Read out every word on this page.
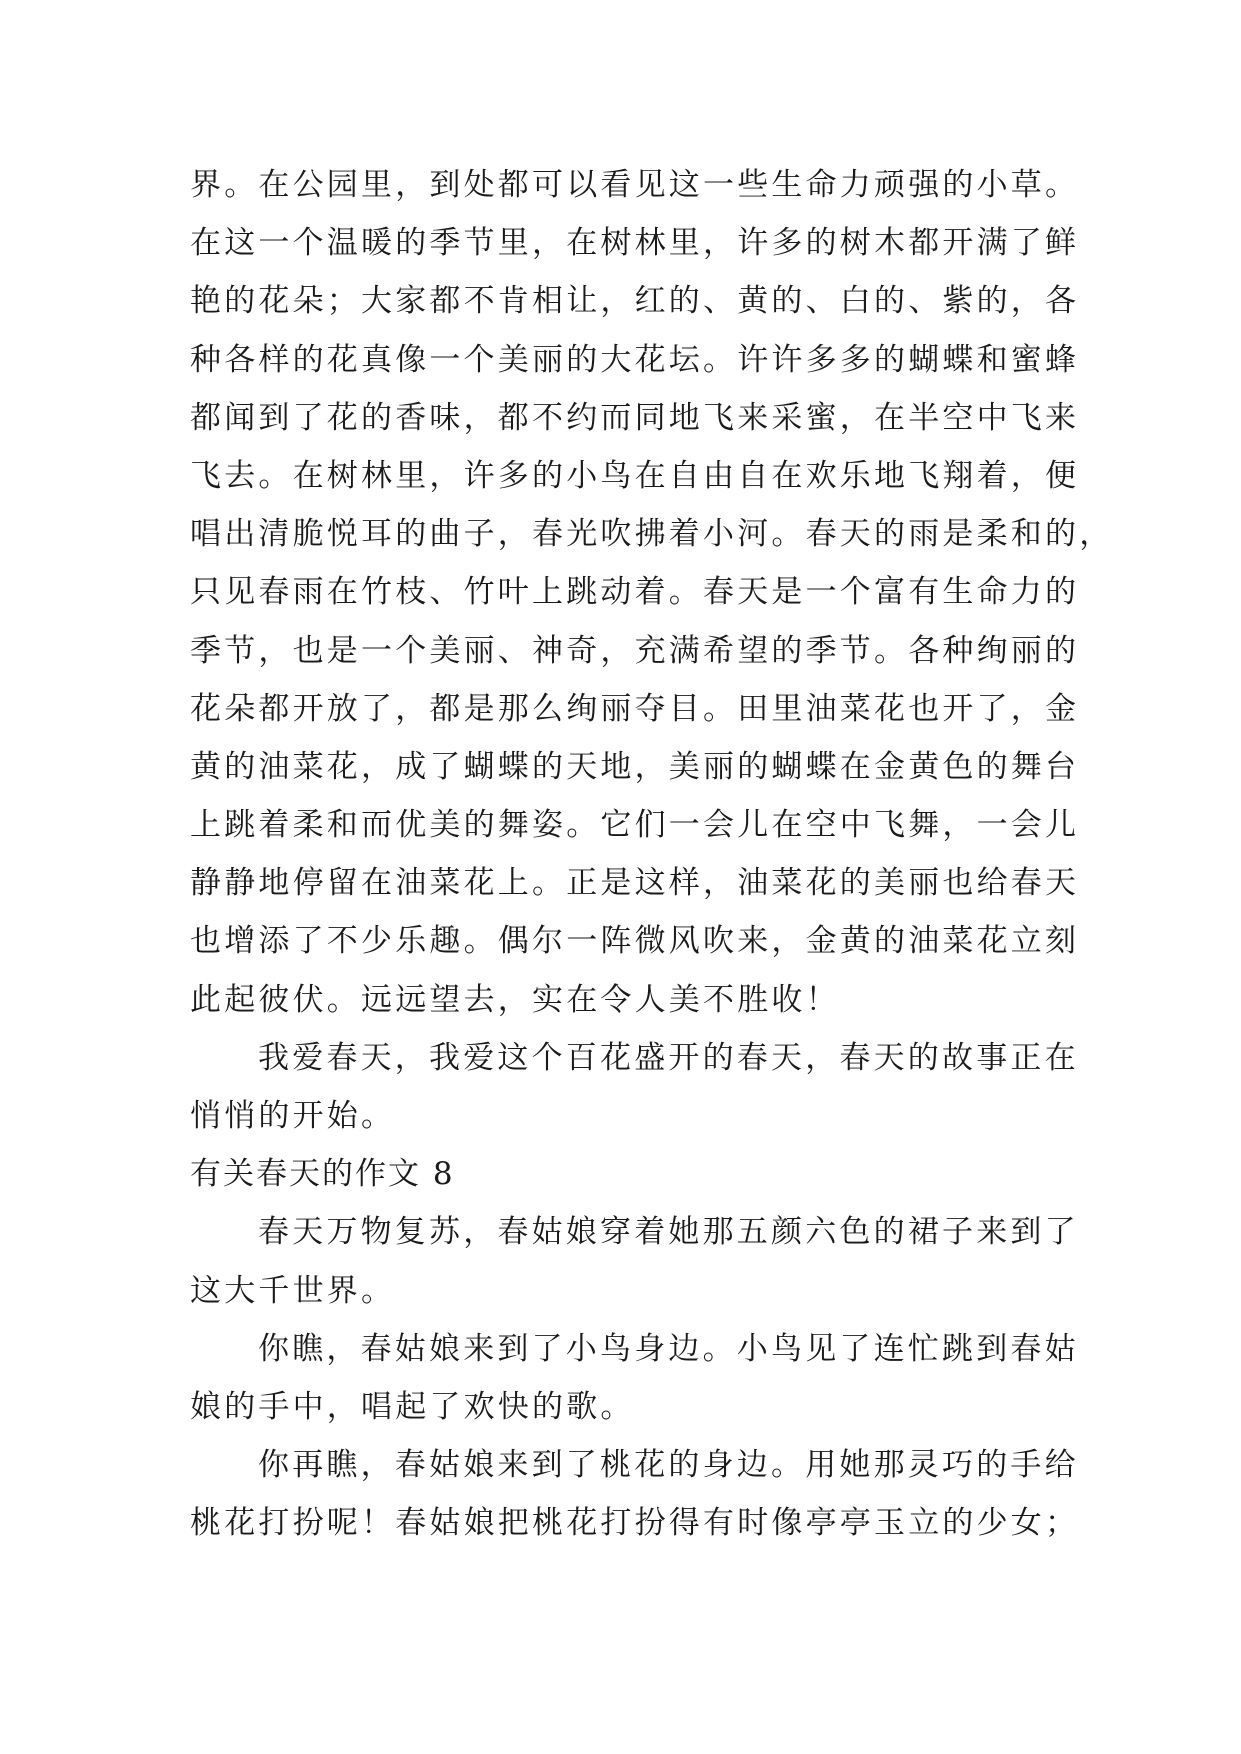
界。在公园里，到处都可以看见这一些生命力顽强的小草。
在这一个温暖的季节里，在树林里，许多的树木都开满了鲜
艳的花朵；大家都不肯相让，红的、黄的、白的、紫的，各
种各样的花真像一个美丽的大花坛。许许多多的蝴蝶和蜜蜂
都闻到了花的香味，都不约而同地飞来采蜜，在半空中飞来
飞去。在树林里，许多的小鸟在自由自在欢乐地飞翔着，便
唱出清脆悦耳的曲子，春光吹拂着小河。春天的雨是柔和的，
只见春雨在竹枝、竹叶上跳动着。春天是一个富有生命力的
季节，也是一个美丽、神奇，充满希望的季节。各种绚丽的
花朵都开放了，都是那么绚丽夺目。田里油菜花也开了，金
黄的油菜花，成了蝴蝶的天地，美丽的蝴蝶在金黄色的舞台
上跳着柔和而优美的舞姿。它们一会儿在空中飞舞，一会儿
静静地停留在油菜花上。正是这样，油菜花的美丽也给春天
也增添了不少乐趣。偶尔一阵微风吹来，金黄的油菜花立刻
此起彼伏。远远望去，实在令人美不胜收！
我爱春天，我爱这个百花盛开的春天，春天的故事正在
悄悄的开始。
有关春天的作文 8
春天万物复苏，春姑娘穿着她那五颜六色的裙子来到了
这大千世界。
你瞧，春姑娘来到了小鸟身边。小鸟见了连忙跳到春姑
娘的手中，唱起了欢快的歌。
你再瞧，春姑娘来到了桃花的身边。用她那灵巧的手给
桃花打扮呢！春姑娘把桃花打扮得有时像亭亭玉立的少女；
